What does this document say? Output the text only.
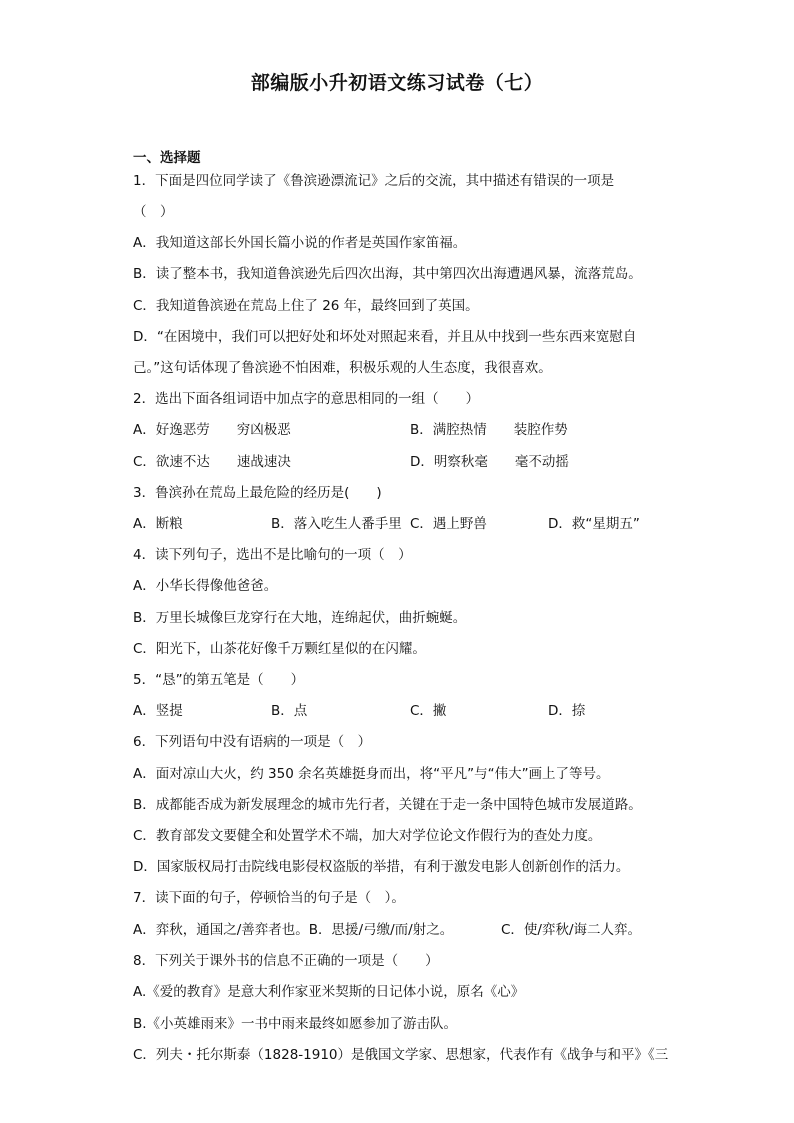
部编版小升初语文练习试卷（七）
一、选择题
1．下面是四位同学读了《鲁滨逊漂流记》之后的交流，其中描述有错误的一项是
（　）
A．我知道这部长外国长篇小说的作者是英国作家笛福。
B．读了整本书，我知道鲁滨逊先后四次出海，其中第四次出海遭遇风暴，流落荒岛。
C．我知道鲁滨逊在荒岛上住了 26 年，最终回到了英国。
D．“在困境中，我们可以把好处和坏处对照起来看，并且从中找到一些东西来宽慰自
己。”这句话体现了鲁滨逊不怕困难，积极乐观的人生态度，我很喜欢。
2．选出下面各组词语中加点字的意思相同的一组（　　）
A．好逸恶劳　　穷凶极恶	B．满腔热情　　装腔作势
C．欲速不达　　速战速决	D．明察秋毫　　毫不动摇
3．鲁滨孙在荒岛上最危险的经历是(　　)
A．断粮	B．落入吃生人番手里 C．遇上野兽	D．救“星期五”
4．读下列句子，选出不是比喻句的一项（　）
A．小华长得像他爸爸。
B．万里长城像巨龙穿行在大地，连绵起伏，曲折蜿蜒。
C．阳光下，山茶花好像千万颗红星似的在闪耀。
5．“恳”的第五笔是（　　）
A．竖提	B．点	C．撇	D．捺
6．下列语句中没有语病的一项是（　）
A．面对凉山大火，约 350 余名英雄挺身而出，将“平凡”与“伟大”画上了等号。
B．成都能否成为新发展理念的城市先行者，关键在于走一条中国特色城市发展道路。
C．教育部发文要健全和处置学术不端，加大对学位论文作假行为的查处力度。
D．国家版权局打击院线电影侵权盗版的举措，有利于激发电影人创新创作的活力。
7．读下面的句子，停顿恰当的句子是（　）。
A．弈秋，通国之/善弈者也。B．思援/弓缴/而/射之。	C．使/弈秋/诲二人弈。
8．下列关于课外书的信息不正确的一项是（　　）
A.《爱的教育》是意大利作家亚米契斯的日记体小说，原名《心》
B.《小英雄雨来》一书中雨来最终如愿参加了游击队。
C．列夫・托尔斯泰（1828-1910）是俄国文学家、思想家，代表作有《战争与和平》《三
